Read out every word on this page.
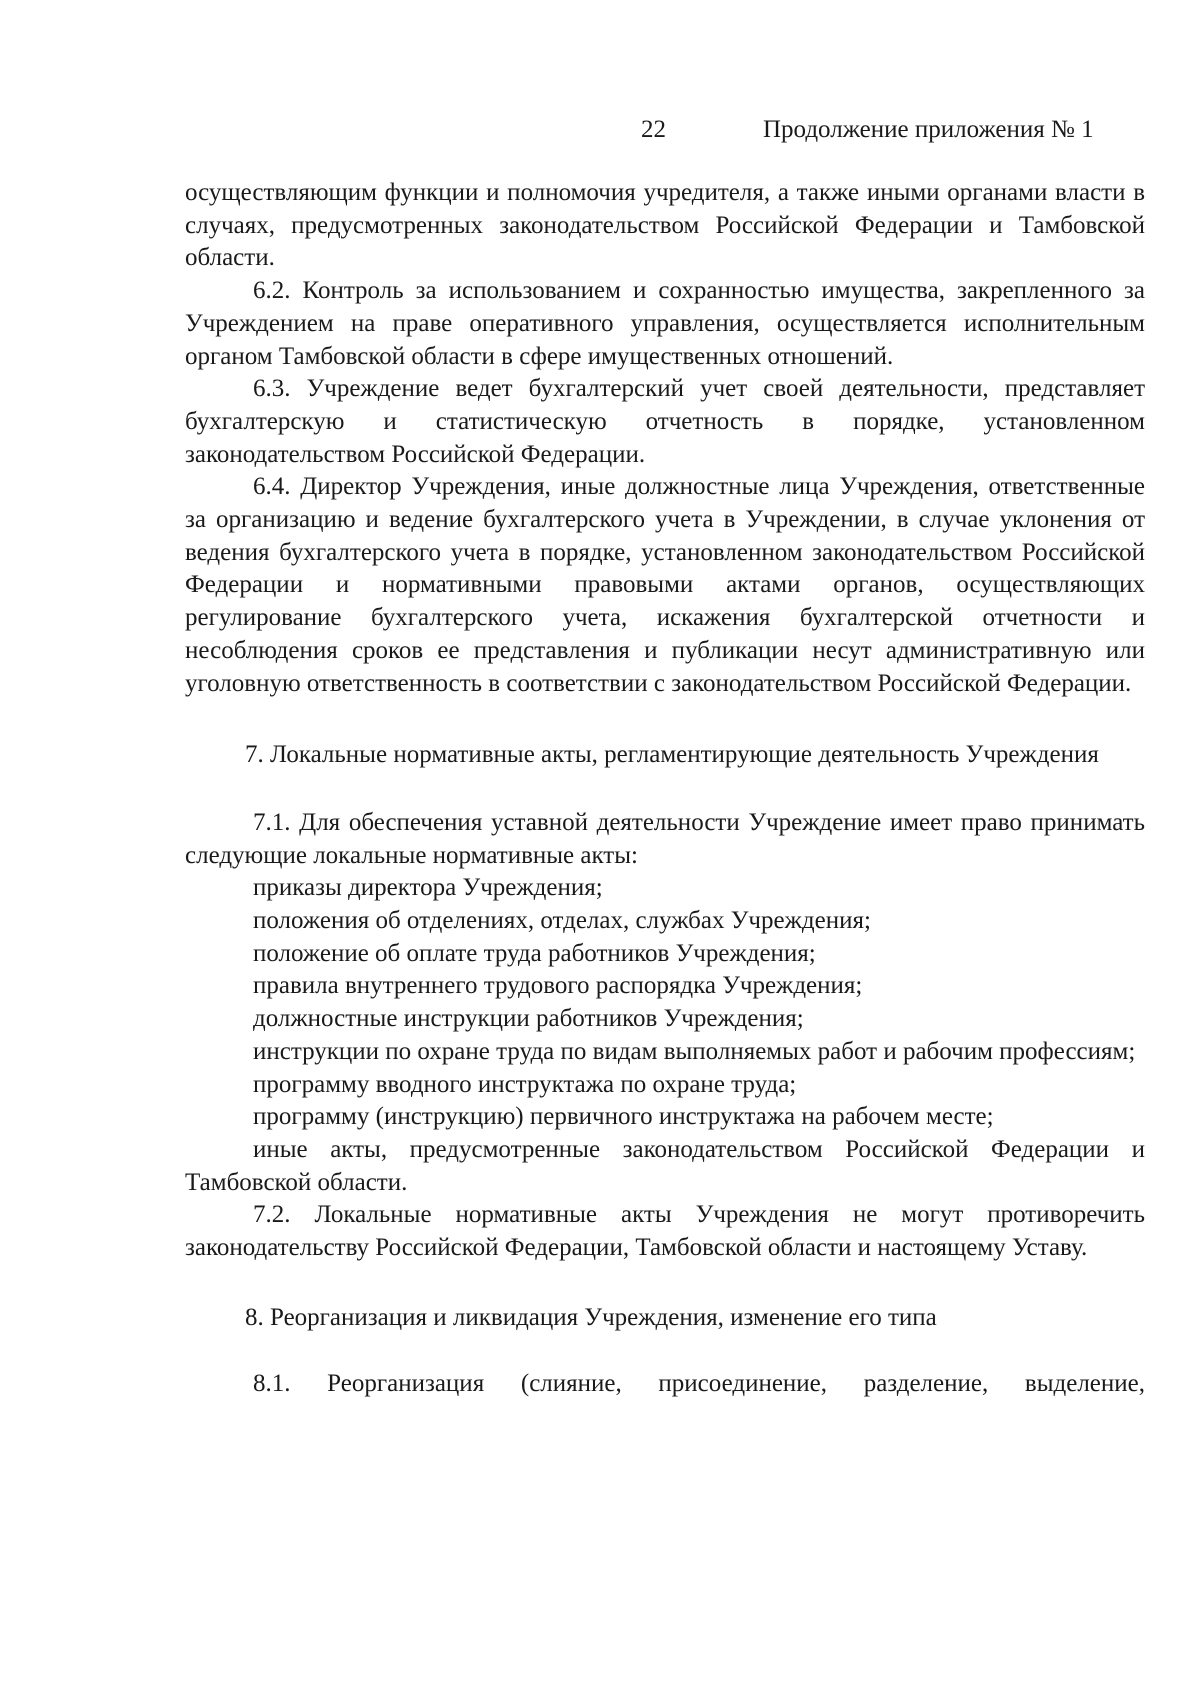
22	Продолжение приложения № 1

осуществляющим функции и полномочия учредителя, а также иными органами власти в случаях, предусмотренных законодательством Российской Федерации и Тамбовской области.

6.2. Контроль за использованием и сохранностью имущества, закрепленного за Учреждением на праве оперативного управления, осуществляется исполнительным органом Тамбовской области в сфере имущественных отношений.

6.3. Учреждение ведет бухгалтерский учет своей деятельности, представляет бухгалтерскую и статистическую отчетность в порядке, установленном законодательством Российской Федерации.

6.4. Директор Учреждения, иные должностные лица Учреждения, ответственные за организацию и ведение бухгалтерского учета в Учреждении, в случае уклонения от ведения бухгалтерского учета в порядке, установленном законодательством Российской Федерации и нормативными правовыми актами органов, осуществляющих регулирование бухгалтерского учета, искажения бухгалтерской отчетности и несоблюдения сроков ее представления и публикации несут административную или уголовную ответственность в соответствии с законодательством Российской Федерации.

7. Локальные нормативные акты, регламентирующие деятельность Учреждения

7.1. Для обеспечения уставной деятельности Учреждение имеет право принимать следующие локальные нормативные акты:

приказы директора Учреждения;

положения об отделениях, отделах, службах Учреждения;

положение об оплате труда работников Учреждения;

правила внутреннего трудового распорядка Учреждения;

должностные инструкции работников Учреждения;

инструкции по охране труда по видам выполняемых работ и рабочим профессиям;

программу вводного инструктажа по охране труда;

программу (инструкцию) первичного инструктажа на рабочем месте;

иные акты, предусмотренные законодательством Российской Федерации и Тамбовской области.

7.2. Локальные нормативные акты Учреждения не могут противоречить законодательству Российской Федерации, Тамбовской области и настоящему Уставу.

8. Реорганизация и ликвидация Учреждения, изменение его типа

8.1. Реорганизация (слияние, присоединение, разделение, выделение,
